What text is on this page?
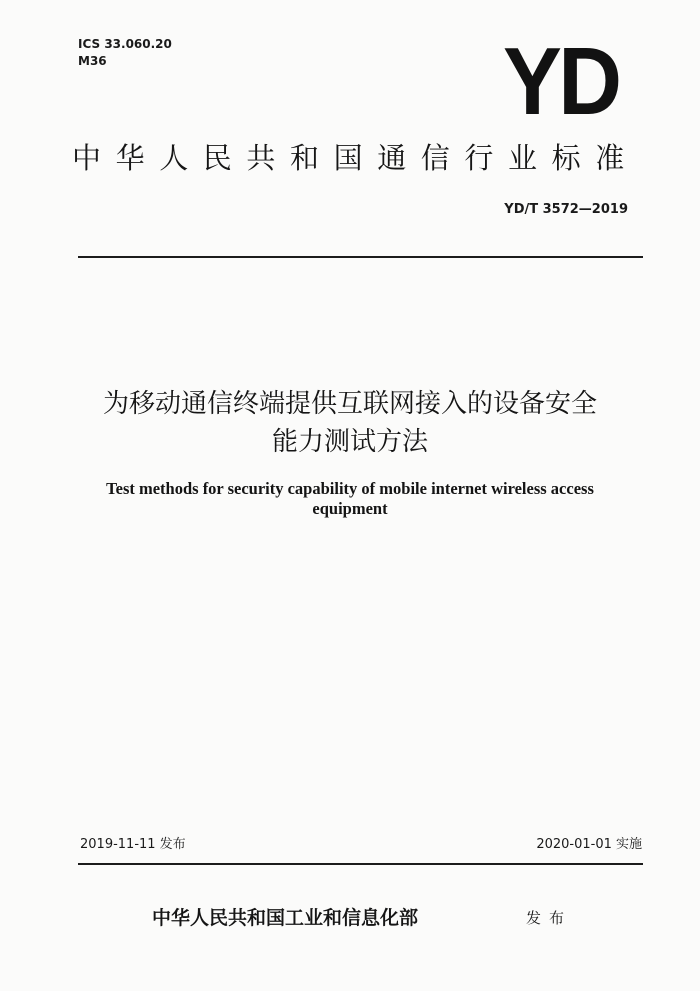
ICS 33.060.20
M36	YD
中华人民共和国通信行业标准
YD/T 3572—2019
为移动通信终端提供互联网接入的设备安全
能力测试方法
Test methods for security capability of mobile internet wireless access
equipment
2019-11-11 发布	2020-01-01 实施
中华人民共和国工业和信息化部	发布
